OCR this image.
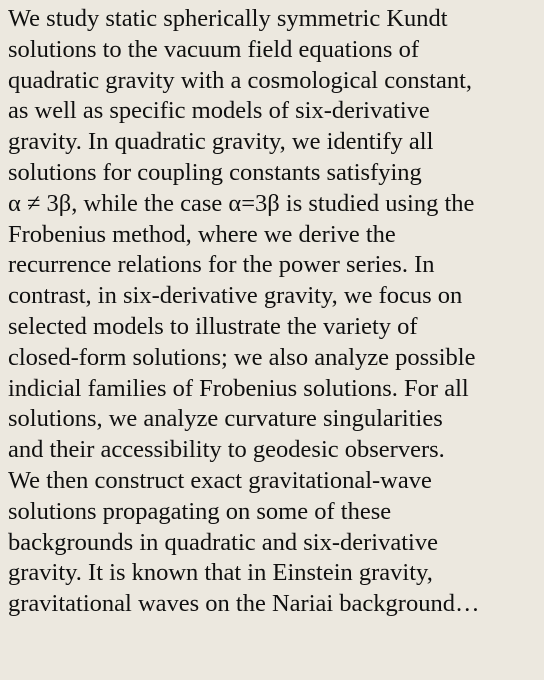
We study static spherically symmetric Kundt
solutions to the vacuum field equations of
quadratic gravity with a cosmological constant,
as well as specific models of six-derivative
gravity. In quadratic gravity, we identify all
solutions for coupling constants satisfying
α ≠ 3β, while the case α=3β is studied using the
Frobenius method, where we derive the
recurrence relations for the power series. In
contrast, in six-derivative gravity, we focus on
selected models to illustrate the variety of
closed-form solutions; we also analyze possible
indicial families of Frobenius solutions. For all
solutions, we analyze curvature singularities
and their accessibility to geodesic observers.
We then construct exact gravitational-wave
solutions propagating on some of these
backgrounds in quadratic and six-derivative
gravity. It is known that in Einstein gravity,
gravitational waves on the Nariai background…
